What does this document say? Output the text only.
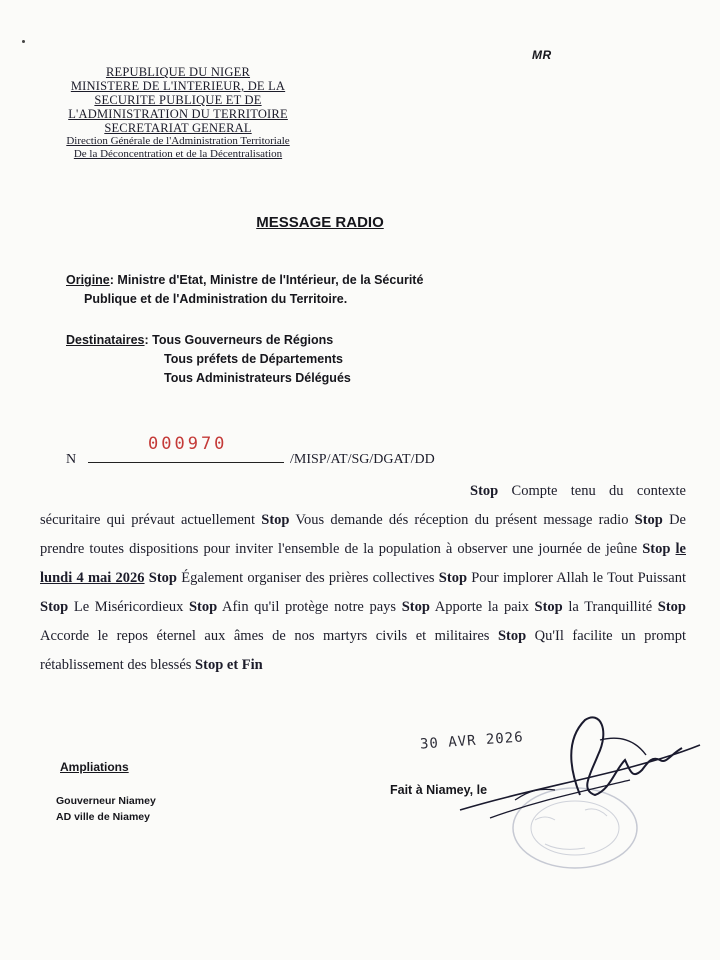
MR
REPUBLIQUE DU NIGER
MINISTERE DE L'INTERIEUR, DE LA
SECURITE PUBLIQUE ET DE
L'ADMINISTRATION DU TERRITOIRE
SECRETARIAT GENERAL
Direction Générale de l'Administration Territoriale
De la Déconcentration et de la Décentralisation
MESSAGE RADIO
Origine: Ministre d'Etat, Ministre de l'Intérieur, de la Sécurité
Publique et de l'Administration du Territoire.
Destinataires: Tous Gouverneurs de Régions
Tous préfets de Départements
Tous Administrateurs Délégués
N
000970
/MISP/AT/SG/DGAT/DD
Stop Compte tenu du contexte sécuritaire qui prévaut actuellement Stop Vous demande dés réception du présent message radio Stop De prendre toutes dispositions pour inviter l'ensemble de la population à observer une journée de jeûne Stop le lundi 4 mai 2026 Stop Également organiser des prières collectives Stop Pour implorer Allah le Tout Puissant Stop Le Miséricordieux Stop Afin qu'il protège notre pays Stop Apporte la paix Stop la Tranquillité Stop Accorde le repos éternel aux âmes de nos martyrs civils et militaires Stop Qu'Il facilite un prompt rétablissement des blessés Stop et Fin
Ampliations
Gouverneur Niamey
AD ville de Niamey
30 AVR 2026
Fait à Niamey, le
